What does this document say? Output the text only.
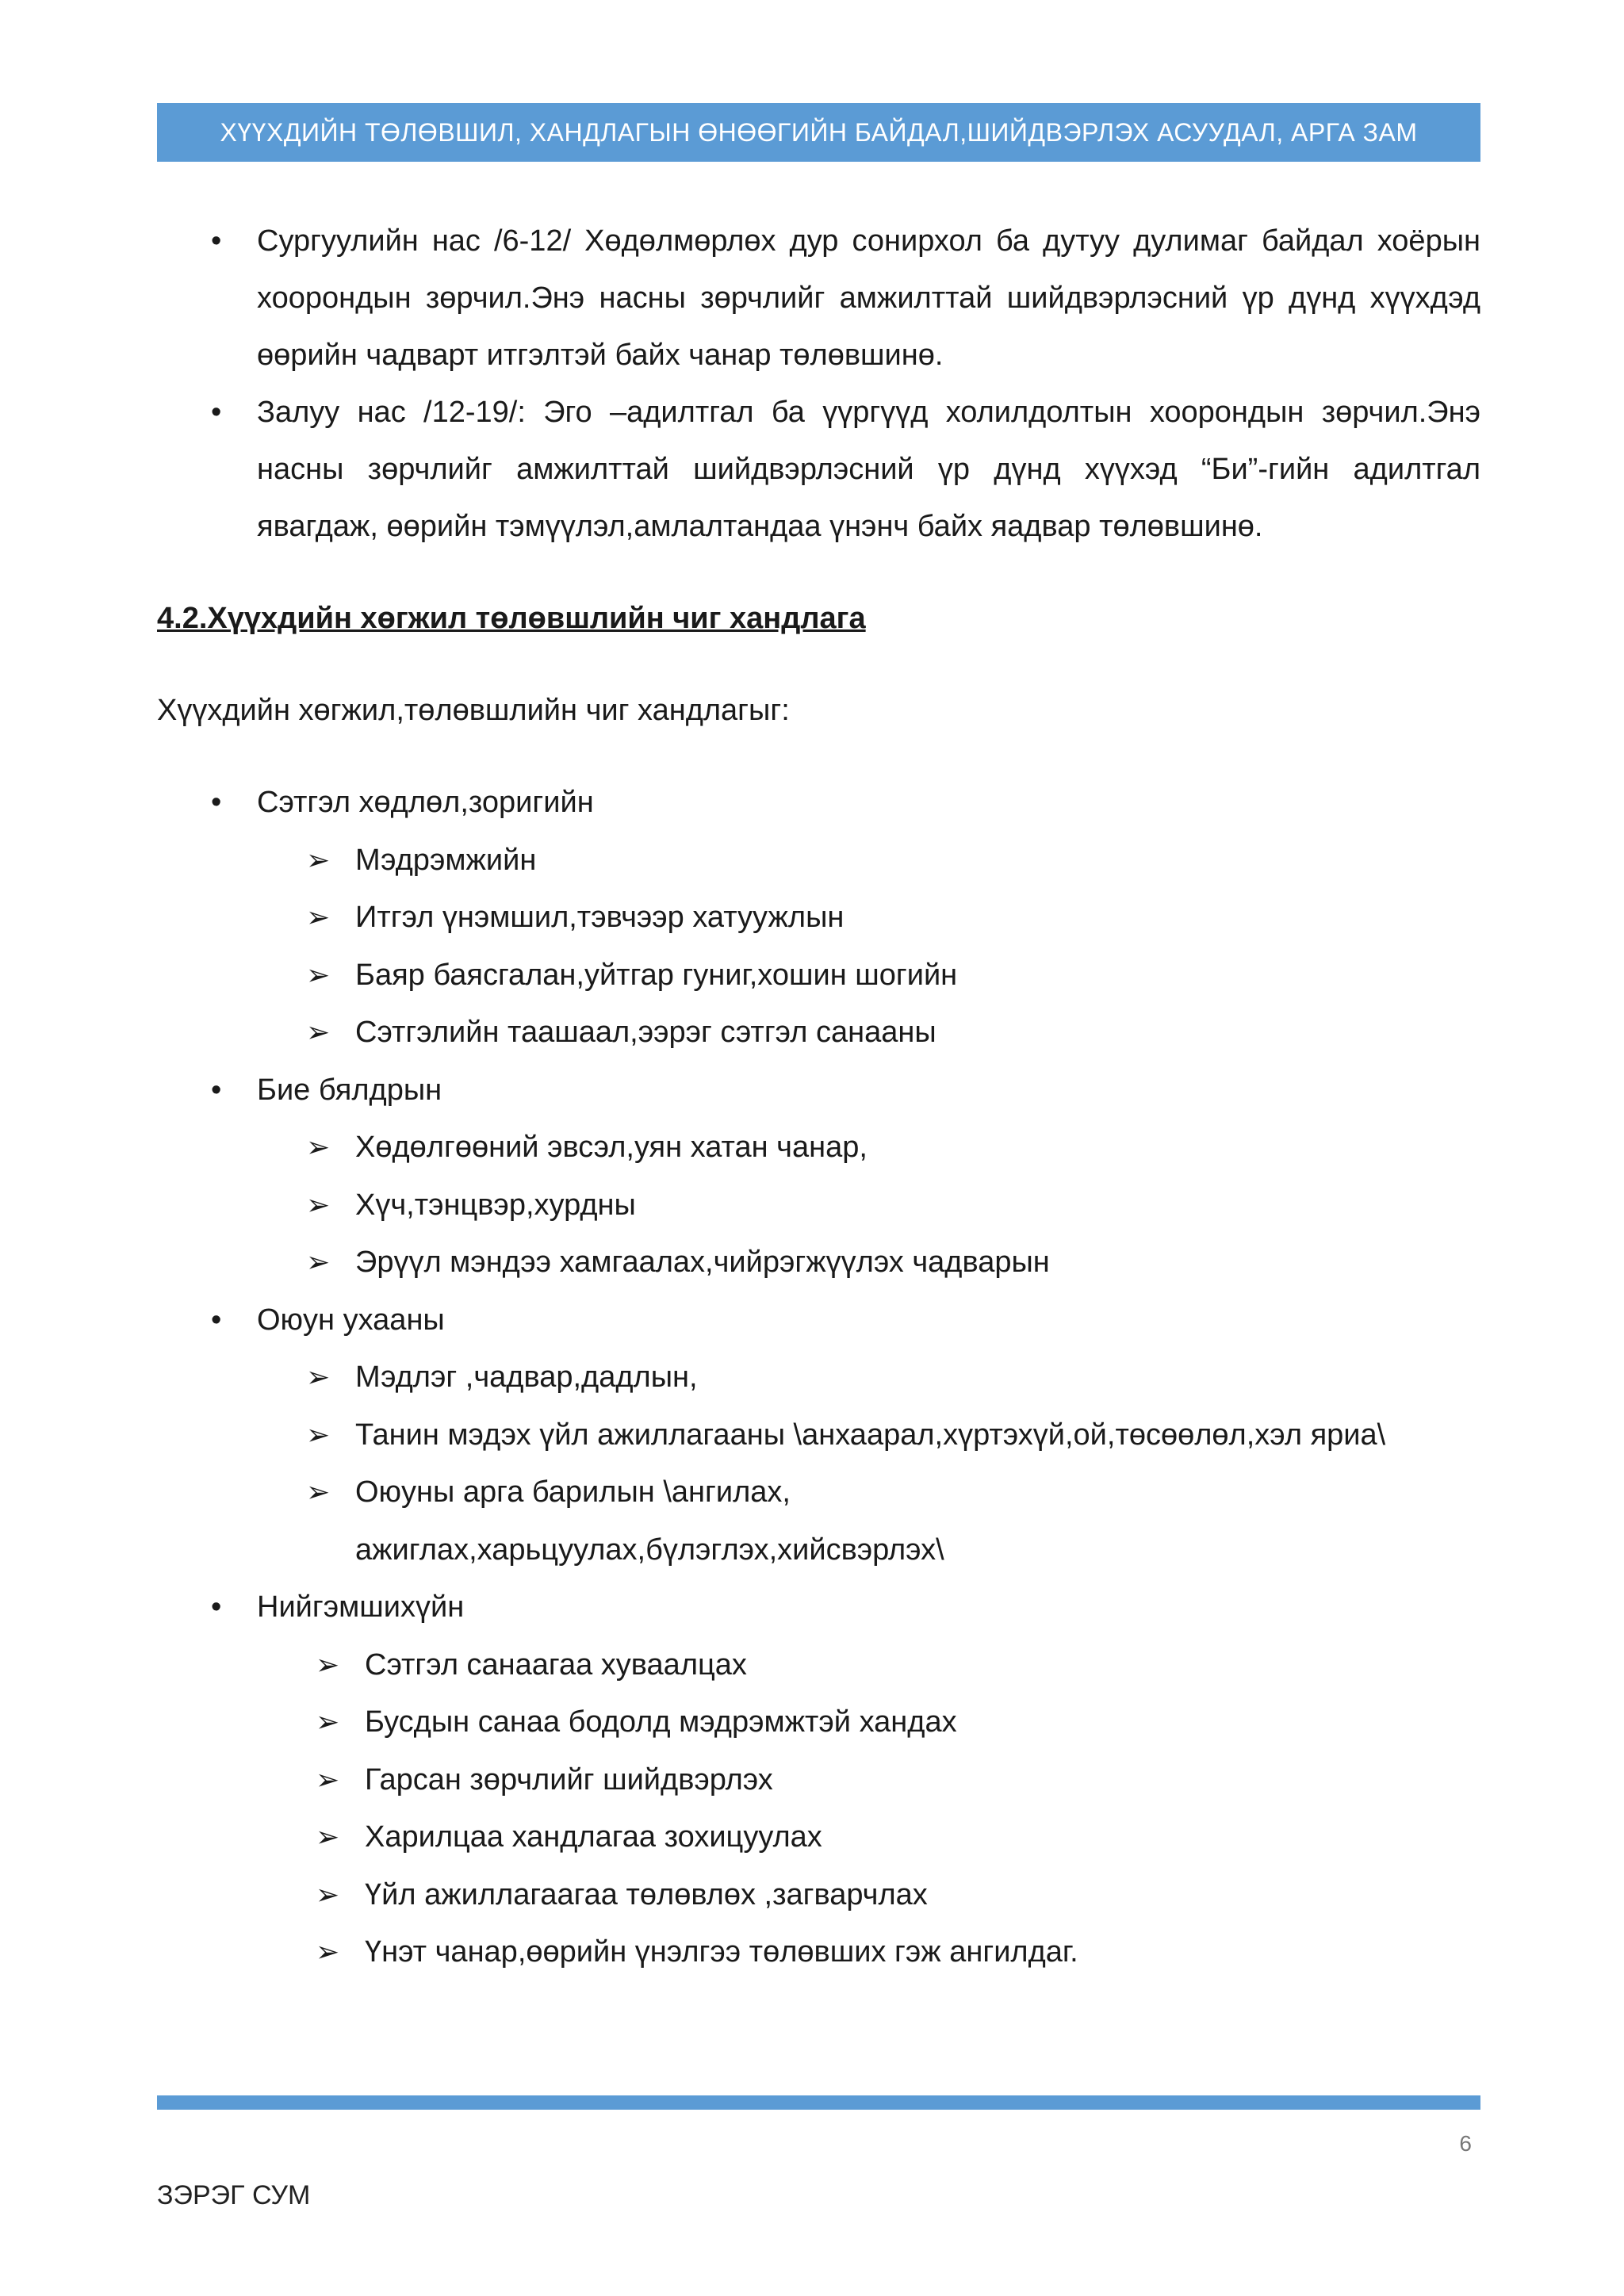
ХҮҮХДИЙН ТӨЛӨВШИЛ, ХАНДЛАГЫН ӨНӨӨГИЙН БАЙДАЛ,ШИЙДВЭРЛЭХ АСУУДАЛ, АРГА ЗАМ
• Сургуулийн нас /6-12/ Хөдөлмөрлөх дур сонирхол ба дутуу дулимаг байдал хоёрын хоорондын зөрчил.Энэ насны зөрчлийг амжилттай шийдвэрлэсний үр дүнд хүүхдэд өөрийн чадварт итгэлтэй байх чанар төлөвшинө.
• Залуу нас /12-19/: Эго –адилтгал ба үүргүүд холилдолтын хоорондын зөрчил.Энэ насны зөрчлийг амжилттай шийдвэрлэсний үр дүнд хүүхэд “Би”-гийн адилтгал явагдаж, өөрийн тэмүүлэл,амлалтандаа үнэнч байх яадвар төлөвшинө.
4.2.Хүүхдийн хөгжил төлөвшлийн чиг хандлага
Хүүхдийн хөгжил,төлөвшлийн чиг хандлагыг:
• Сэтгэл хөдлөл,зоригийн
➢ Мэдрэмжийн
➢ Итгэл үнэмшил,тэвчээр хатуужлын
➢ Баяр баясгалан,уйтгар гуниг,хошин шогийн
➢ Сэтгэлийн таашаал,ээрэг сэтгэл санааны
• Бие бялдрын
➢ Хөдөлгөөний эвсэл,уян хатан чанар,
➢ Хүч,тэнцвэр,хурдны
➢ Эрүүл мэндээ хамгаалах,чийрэгжүүлэх чадварын
• Оюун ухааны
➢ Мэдлэг ,чадвар,дадлын,
➢ Танин мэдэх үйл ажиллагааны \анхаарал,хүртэхүй,ой,төсөөлөл,хэл яриа\
➢ Оюуны арга барилын \ангилах, ажиглах,харьцуулах,бүлэглэх,хийсвэрлэх\
• Нийгэмшихүйн
➢ Сэтгэл санаагаа хуваалцах
➢ Бусдын санаа бодолд мэдрэмжтэй хандах
➢ Гарсан зөрчлийг шийдвэрлэх
➢ Харилцаа хандлагаа зохицуулах
➢ Үйл ажиллагаагаа төлөвлөх ,загварчлах
➢ Үнэт чанар,өөрийн үнэлгээ төлөвших гэж ангилдаг.
6
ЗЭРЭГ СУМ
